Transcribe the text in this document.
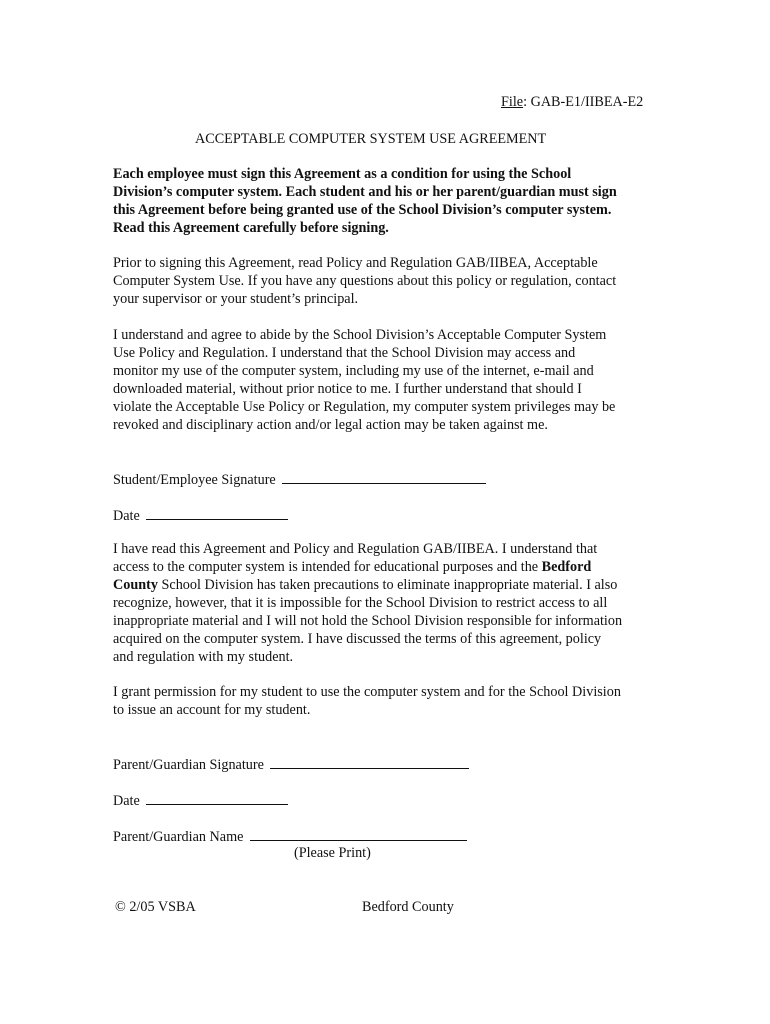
File: GAB-E1/IIBEA-E2
ACCEPTABLE COMPUTER SYSTEM USE AGREEMENT
Each employee must sign this Agreement as a condition for using the School
Division’s computer system. Each student and his or her parent/guardian must sign
this Agreement before being granted use of the School Division’s computer system.
Read this Agreement carefully before signing.
Prior to signing this Agreement, read Policy and Regulation GAB/IIBEA, Acceptable
Computer System Use. If you have any questions about this policy or regulation, contact
your supervisor or your student’s principal.
I understand and agree to abide by the School Division’s Acceptable Computer System
Use Policy and Regulation. I understand that the School Division may access and
monitor my use of the computer system, including my use of the internet, e-mail and
downloaded material, without prior notice to me. I further understand that should I
violate the Acceptable Use Policy or Regulation, my computer system privileges may be
revoked and disciplinary action and/or legal action may be taken against me.
Student/Employee Signature
Date
I have read this Agreement and Policy and Regulation GAB/IIBEA. I understand that
access to the computer system is intended for educational purposes and the Bedford
County School Division has taken precautions to eliminate inappropriate material. I also
recognize, however, that it is impossible for the School Division to restrict access to all
inappropriate material and I will not hold the School Division responsible for information
acquired on the computer system. I have discussed the terms of this agreement, policy
and regulation with my student.
I grant permission for my student to use the computer system and for the School Division
to issue an account for my student.
Parent/Guardian Signature
Date
Parent/Guardian Name
(Please Print)
© 2/05 VSBA	Bedford County
